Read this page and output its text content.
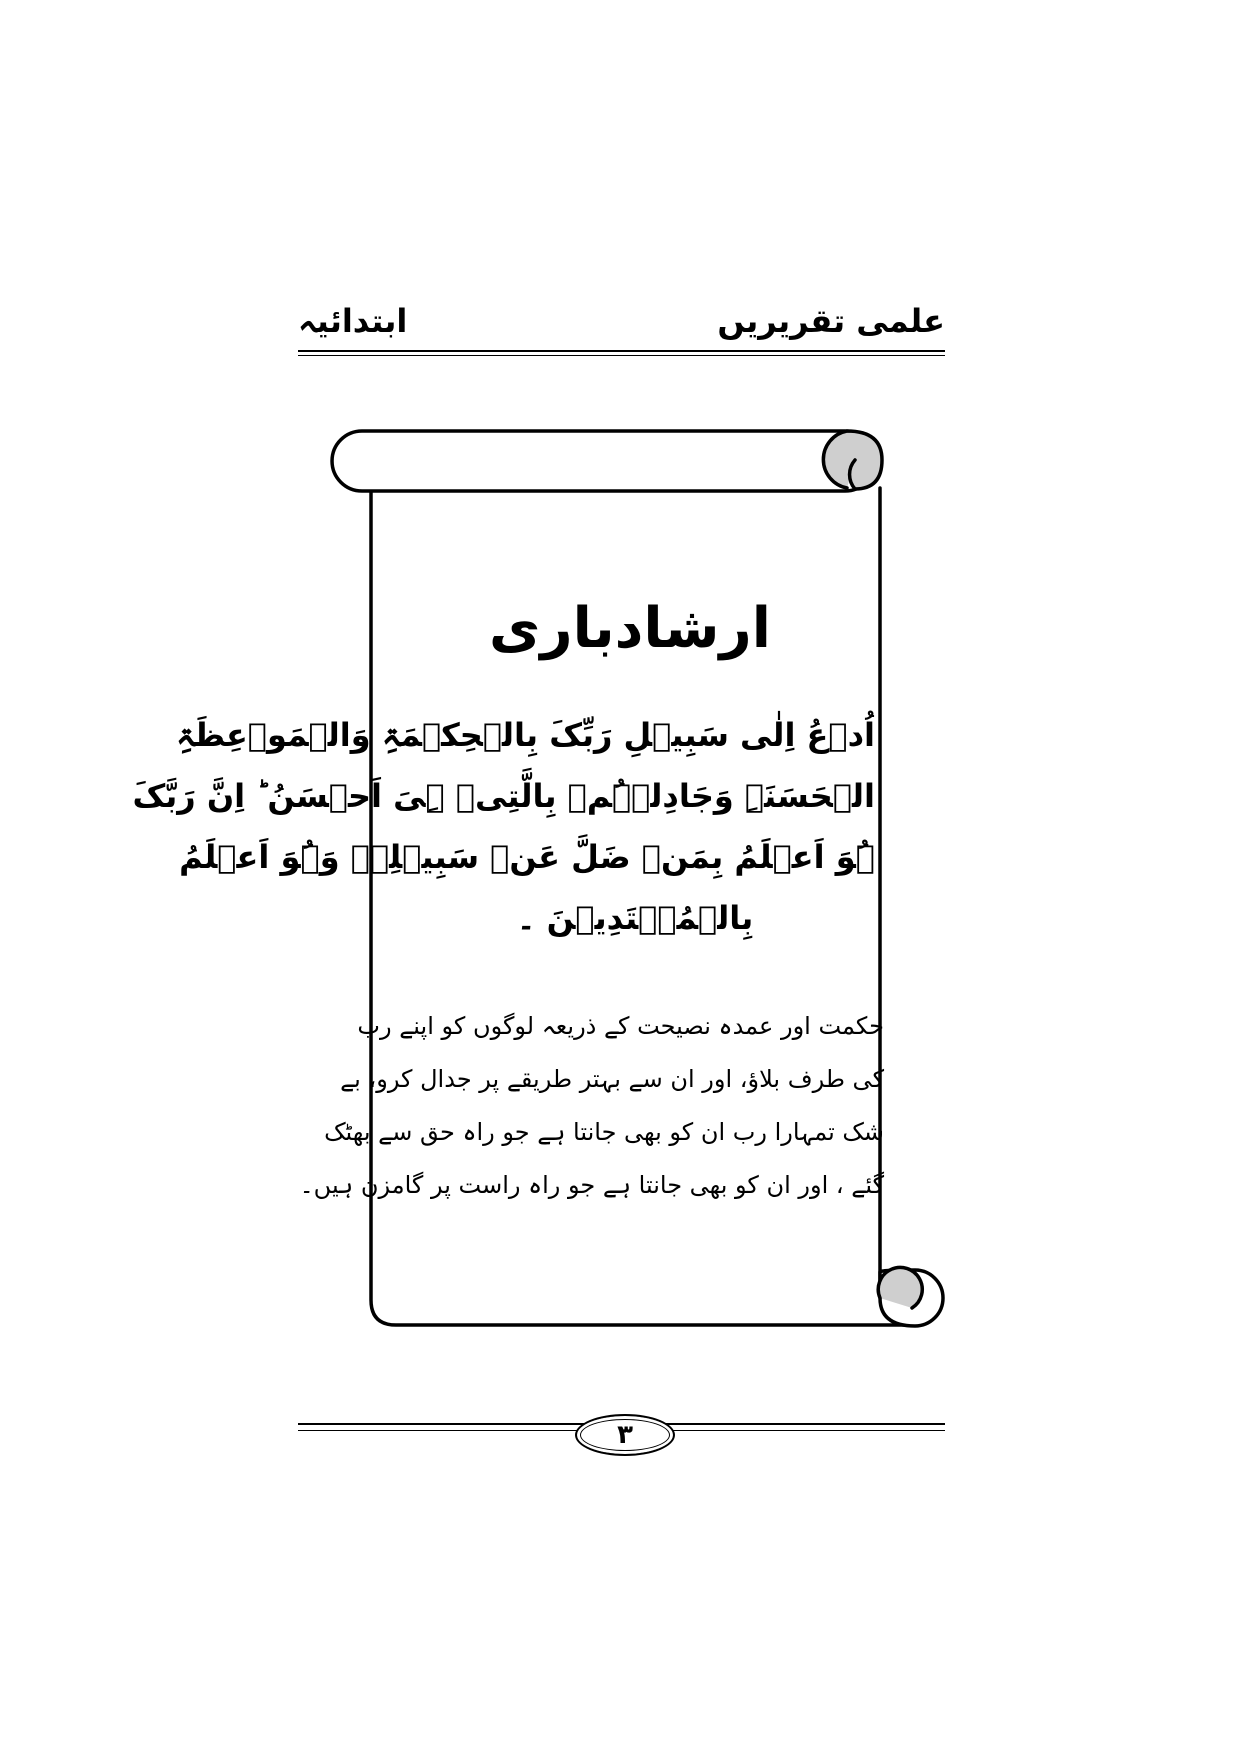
علمی تقریریں
ابتدائیہ
ارشادباری
اُدۡعُ اِلٰی سَبِیۡلِ رَبِّکَ بِالۡحِکۡمَۃِ وَالۡمَوۡعِظَۃِ
الۡحَسَنَۃِ وَجَادِلۡہُمۡ بِالَّتِیۡ ہِیَ اَحۡسَنُ ؕ اِنَّ رَبَّکَ
ہُوَ اَعۡلَمُ بِمَنۡ ضَلَّ عَنۡ سَبِیۡلِہٖ وَہُوَ اَعۡلَمُ
بِالۡمُہۡتَدِیۡنَ ۔
حکمت اور عمدہ نصیحت کے ذریعہ لوگوں کو اپنے رب
کی طرف بلاؤ، اور ان سے بہتر طریقے پر جدال کرو، بے
شک تمہارا رب ان کو بھی جانتا ہے جو راہ حق سے بھٹک
گئے ، اور ان کو بھی جانتا ہے جو راہ راست پر گامزن ہیں۔
۳
